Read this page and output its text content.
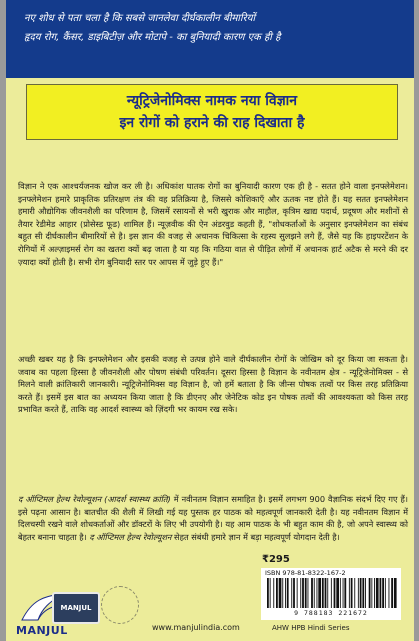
नए शोध से पता चला है कि सबसे जानलेवा दीर्घकालीन बीमारियों
हृदय रोग, कैंसर, डाइबिटीज़ और मोटापे - का बुनियादी कारण एक ही है
न्यूट्रिजेनोमिक्स नामक नया विज्ञान
इन रोगों को हराने की राह दिखाता है
विज्ञान ने एक आश्चर्यजनक खोज कर ली है। अधिकांश घातक रोगों का बुनियादी कारण एक ही है - सतत होने वाला इनफ्लेमेशन। इनफ्लेमेशन हमारे प्राकृतिक प्रतिरक्षण तंत्र की वह प्रतिक्रिया है, जिससे कोशिकाएँ और ऊतक नष्ट होते हैं। यह सतत इनफ्लेमेशन हमारी औद्योगिक जीवनशैली का परिणाम है, जिसमें रसायनों से भरी खुराक और माहौल, कृत्रिम खाद्य पदार्थ, प्रदूषण और मशीनों से तैयार रेडीमेड आहार (प्रोसेस्ड फूड) शामिल हैं। न्यूज़वीक की ऐन अंडरवुड कहती हैं, "शोधकर्ताओं के अनुसार इनफ्लेमेशन का संबंध बहुत सी दीर्घकालीन बीमारियों से है। इस ज्ञान की वजह से अचानक चिकित्सा के रहस्य सुलझने लगे हैं, जैसे यह कि हाइपरटेंशन के रोगियों में अल्ज़ाइमर्स रोग का खतरा क्यों बढ़ जाता है या यह कि गठिया वात से पीड़ित लोगों में अचानक हार्ट अटैक से मरने की दर ज़्यादा क्यों होती है। सभी रोग बुनियादी स्तर पर आपस में जुड़े हुए हैं।"
अच्छी खबर यह है कि इनफ्लेमेशन और इसकी वजह से उत्पन्न होने वाले दीर्घकालीन रोगों के जोखिम को दूर किया जा सकता है। जवाब का पहला हिस्सा है जीवनशैली और पोषण संबंधी परिवर्तन। दूसरा हिस्सा है विज्ञान के नवीनतम क्षेत्र - न्यूट्रिजेनोमिक्स - से मिलने वाली क्रांतिकारी जानकारी। न्यूट्रिजेनोमिक्स वह विज्ञान है, जो हमें बताता है कि जीन्स पोषक तत्वों पर किस तरह प्रतिक्रिया करते हैं। इसमें इस बात का अध्ययन किया जाता है कि डीएनए और जेनेटिक कोड इन पोषक तत्वों की आवश्यकता को किस तरह प्रभावित करते हैं, ताकि वह आदर्श स्वास्थ्य को ज़िंदगी भर कायम रख सके।
द ऑप्टिमल हेल्थ रेवोल्यूशन (आदर्श स्वास्थ्य क्रांति) में नवीनतम विज्ञान समाहित है। इसमें लगभग 900 वैज्ञानिक संदर्भ दिए गए हैं। इसे पढ़ना आसान है। बातचीत की शैली में लिखी गई यह पुस्तक हर पाठक को महत्वपूर्ण जानकारी देती है। यह नवीनतम विज्ञान में दिलचस्पी रखने वाले शोधकर्ताओं और डॉक्टरों के लिए भी उपयोगी है। यह आम पाठक के भी बहुत काम की है, जो अपने स्वास्थ्य को बेहतर बनाना चाहता है। द ऑप्टिमल हेल्थ रेवोल्यूशन सेहत संबंधी हमारे ज्ञान में बड़ा महत्वपूर्ण योगदान देती है।
MANJUL
MANJUL
www.manjulindia.com
₹295
ISBN 978-81-8322-167-2
9 788183 221672
AHW HPB Hindi Series
